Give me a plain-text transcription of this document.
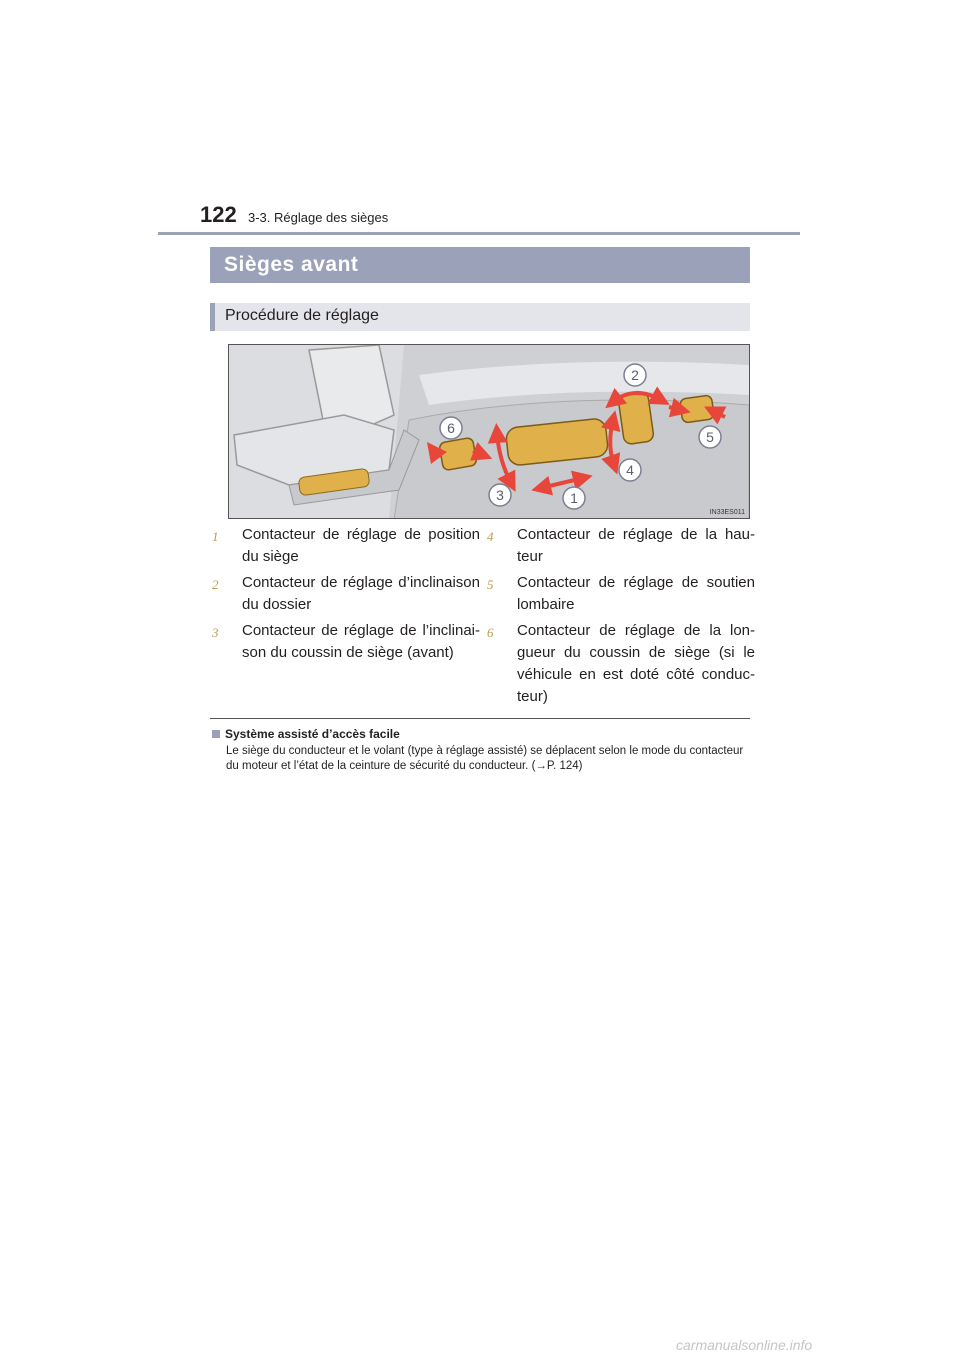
122 3-3. Réglage des sièges
Sièges avant
Procédure de réglage
1
2
3
4
5
6
IN33ES011
1	Contacteur de réglage de position du siège
2	Contacteur de réglage d’inclinaison du dossier
3	Contacteur de réglage de l’inclinai-son du coussin de siège (avant)
4	Contacteur de réglage de la hau-teur
5	Contacteur de réglage de soutien lombaire
6	Contacteur de réglage de la lon-gueur du coussin de siège (si le véhicule en est doté côté conduc-teur)
Système assisté d’accès facile
Le siège du conducteur et le volant (type à réglage assisté) se déplacent selon le mode du contacteur du moteur et l’état de la ceinture de sécurité du conducteur. (→P. 124)
carmanualsonline.info
